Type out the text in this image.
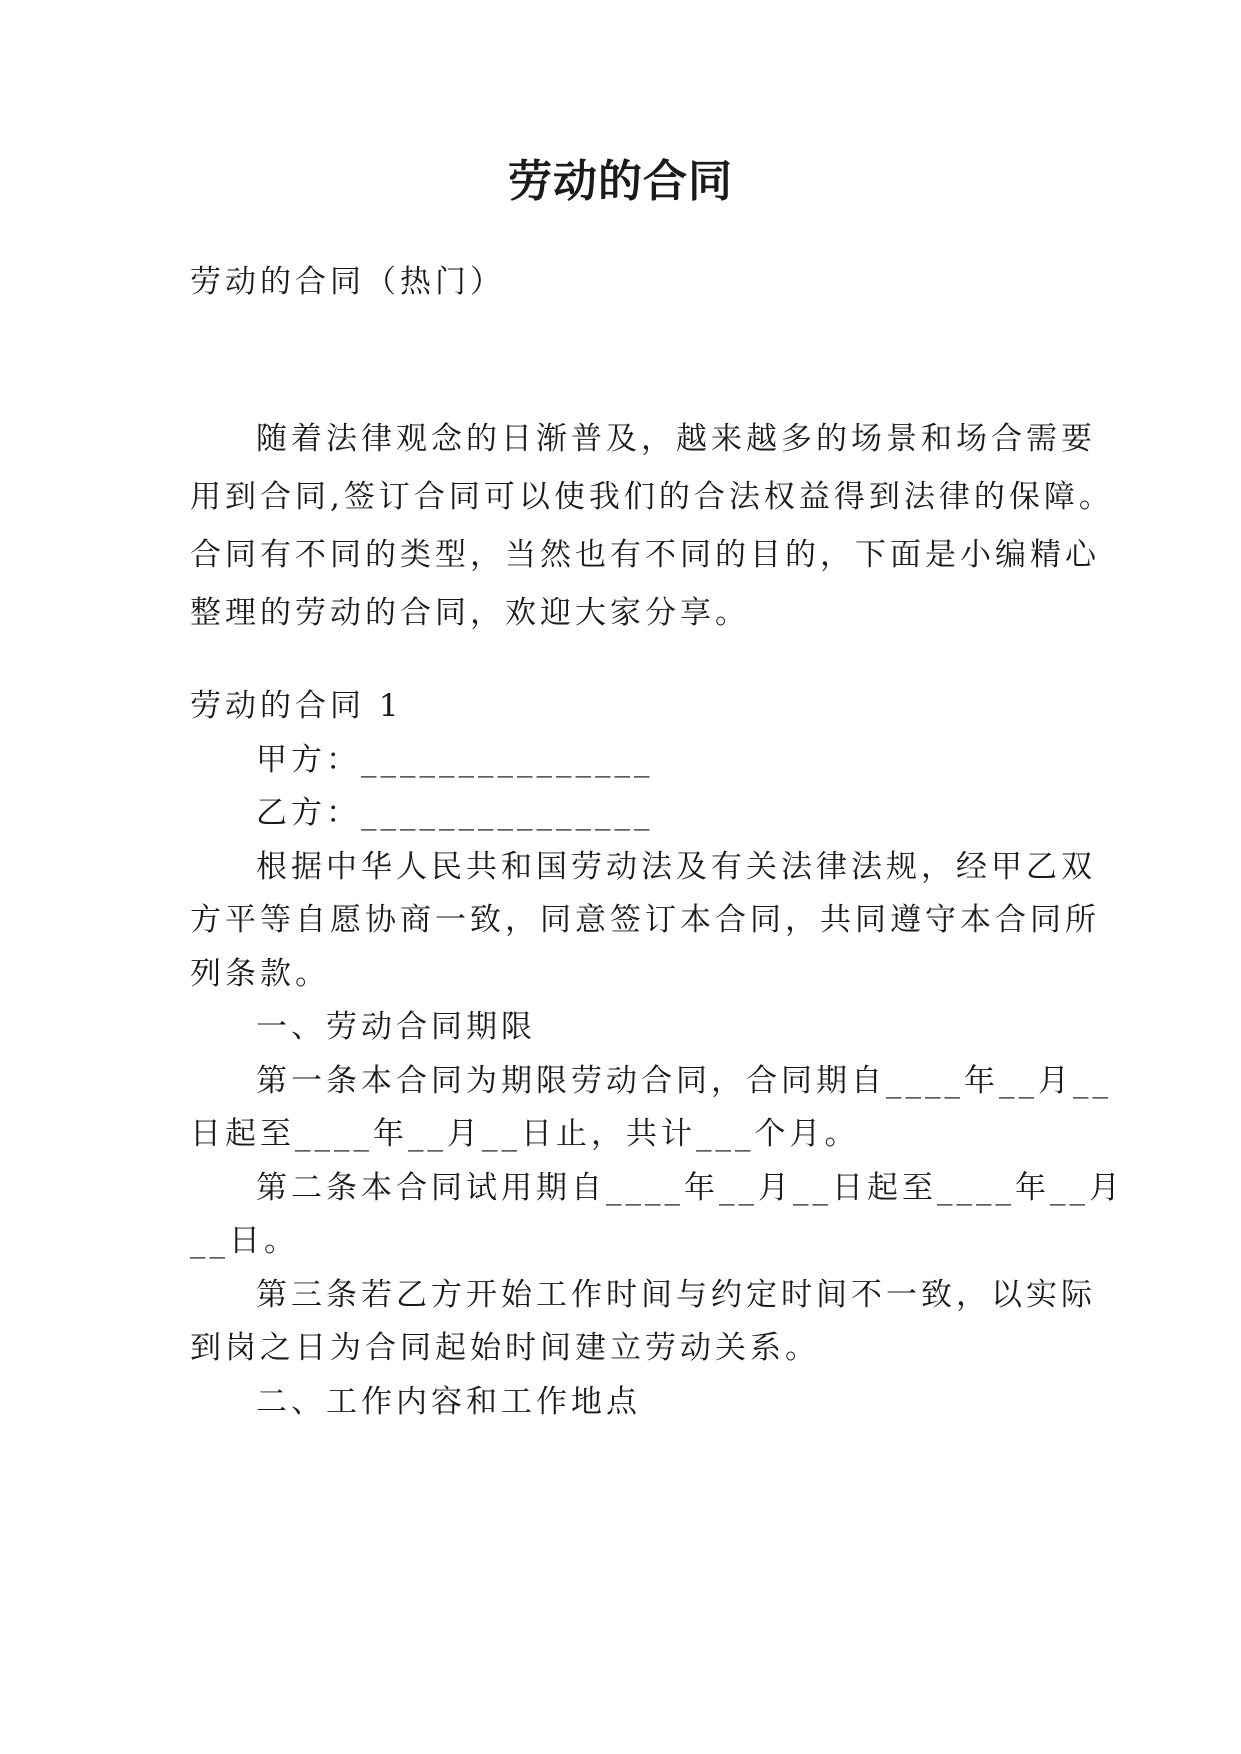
劳动的合同
劳动的合同（热门）
随着法律观念的日渐普及，越来越多的场景和场合需要
用到合同,签订合同可以使我们的合法权益得到法律的保障。
合同有不同的类型，当然也有不同的目的，下面是小编精心
整理的劳动的合同，欢迎大家分享。
劳动的合同 1
甲方：_______________
乙方：_______________
根据中华人民共和国劳动法及有关法律法规，经甲乙双
方平等自愿协商一致，同意签订本合同，共同遵守本合同所
列条款。
一、劳动合同期限
第一条本合同为期限劳动合同，合同期自____年__月__
日起至____年__月__日止，共计___个月。
第二条本合同试用期自____年__月__日起至____年__月
__日。
第三条若乙方开始工作时间与约定时间不一致，以实际
到岗之日为合同起始时间建立劳动关系。
二、工作内容和工作地点
